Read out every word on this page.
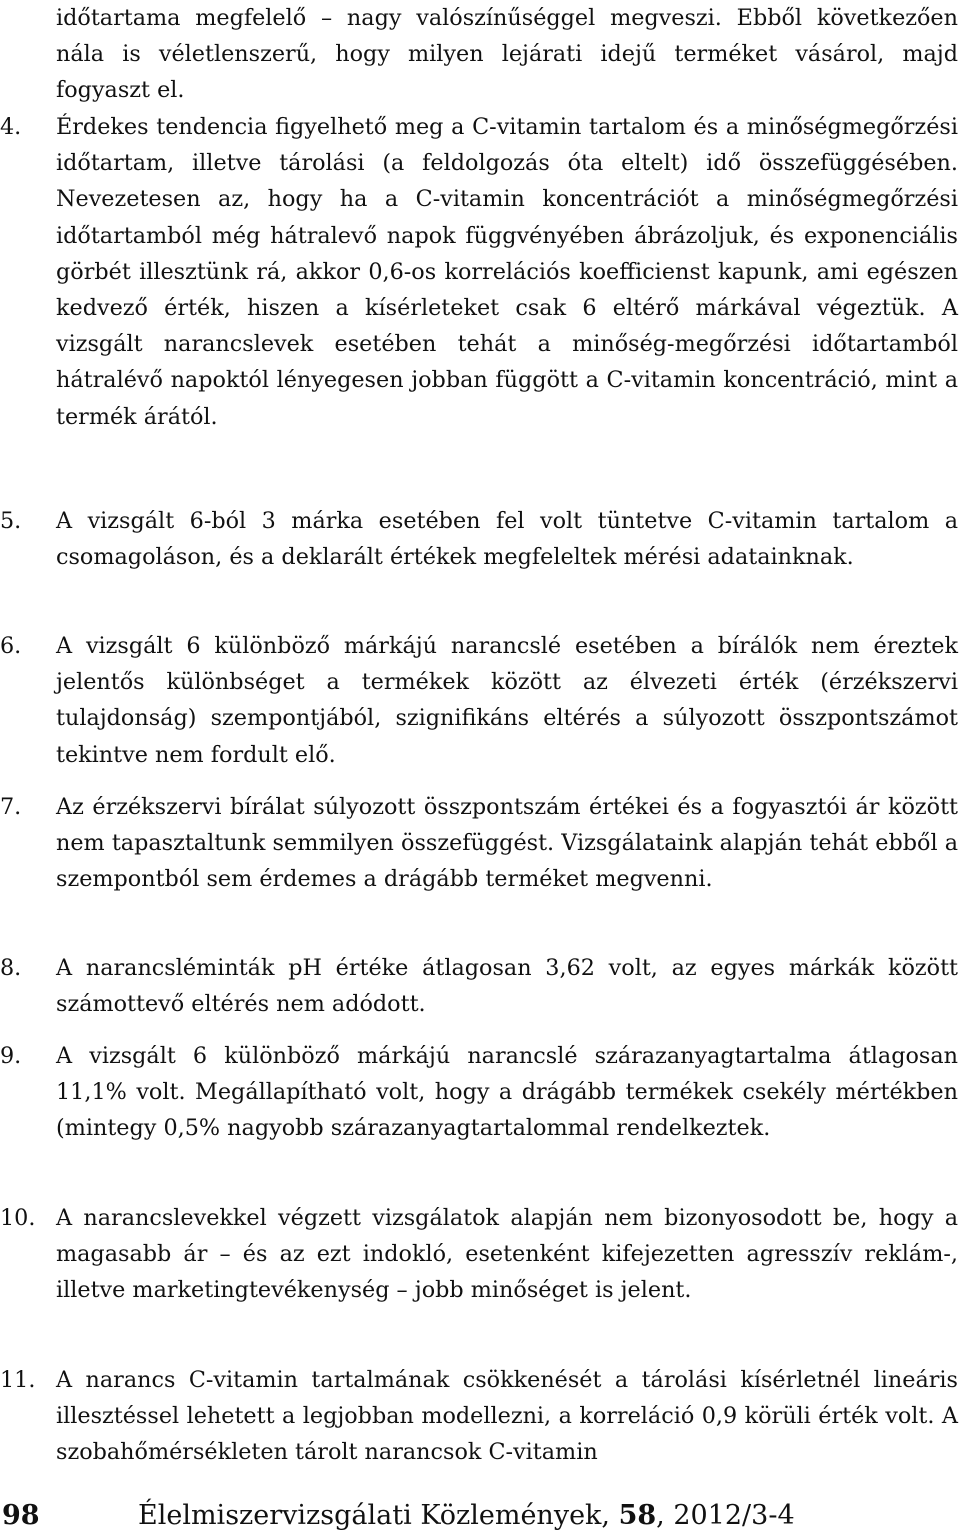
időtartama megfelelő – nagy valószínűséggel megveszi. Ebből következően nála is véletlenszerű, hogy milyen lejárati idejű terméket vásárol, majd fogyaszt el.
4.	Érdekes tendencia figyelhető meg a C-vitamin tartalom és a minőségmegőrzési időtartam, illetve tárolási (a feldolgozás óta eltelt) idő összefüggésében. Nevezetesen az, hogy ha a C-vitamin koncentrációt a minőségmegőrzési időtartamból még hátralevő napok függvényében ábrázoljuk, és exponenciális görbét illesztünk rá, akkor 0,6-os korrelációs koefficienst kapunk, ami egészen kedvező érték, hiszen a kísérleteket csak 6 eltérő márkával végeztük. A vizsgált narancslevek esetében tehát a minőség-megőrzési időtartamból hátralévő napoktól lényegesen jobban függött a C-vitamin koncentráció, mint a termék árától.
5.	A vizsgált 6-ból 3 márka esetében fel volt tüntetve C-vitamin tartalom a csomagoláson, és a deklarált értékek megfeleltek mérési adatainknak.
6.	A vizsgált 6 különböző márkájú narancslé esetében a bírálók nem éreztek jelentős különbséget a termékek között az élvezeti érték (érzékszervi tulajdonság) szempontjából, szignifikáns eltérés a súlyozott összpontszámot tekintve nem fordult elő.
7.	Az érzékszervi bírálat súlyozott összpontszám értékei és a fogyasztói ár között nem tapasztaltunk semmilyen összefüggést. Vizsgálataink alapján tehát ebből a szempontból sem érdemes a drágább terméket megvenni.
8.	A narancsléminták pH értéke átlagosan 3,62 volt, az egyes márkák között számottevő eltérés nem adódott.
9.	A vizsgált 6 különböző márkájú narancslé szárazanyagtartalma átlagosan 11,1% volt. Megállapítható volt, hogy a drágább termékek csekély mértékben (mintegy 0,5% nagyobb szárazanyagtartalommal rendelkeztek.
10. A narancslevekkel végzett vizsgálatok alapján nem bizonyosodott be, hogy a magasabb ár – és az ezt indokló, esetenként kifejezetten agresszív reklám-, illetve marketingtevékenység – jobb minőséget is jelent.
11. A narancs C-vitamin tartalmának csökkenését a tárolási kísérletnél lineáris illesztéssel lehetett a legjobban modellezni, a korreláció 0,9 körüli érték volt. A szobahőmérsékleten tárolt narancsok C-vitamin
98	Élelmiszervizsgálati Közlemények, 58, 2012/3-4
